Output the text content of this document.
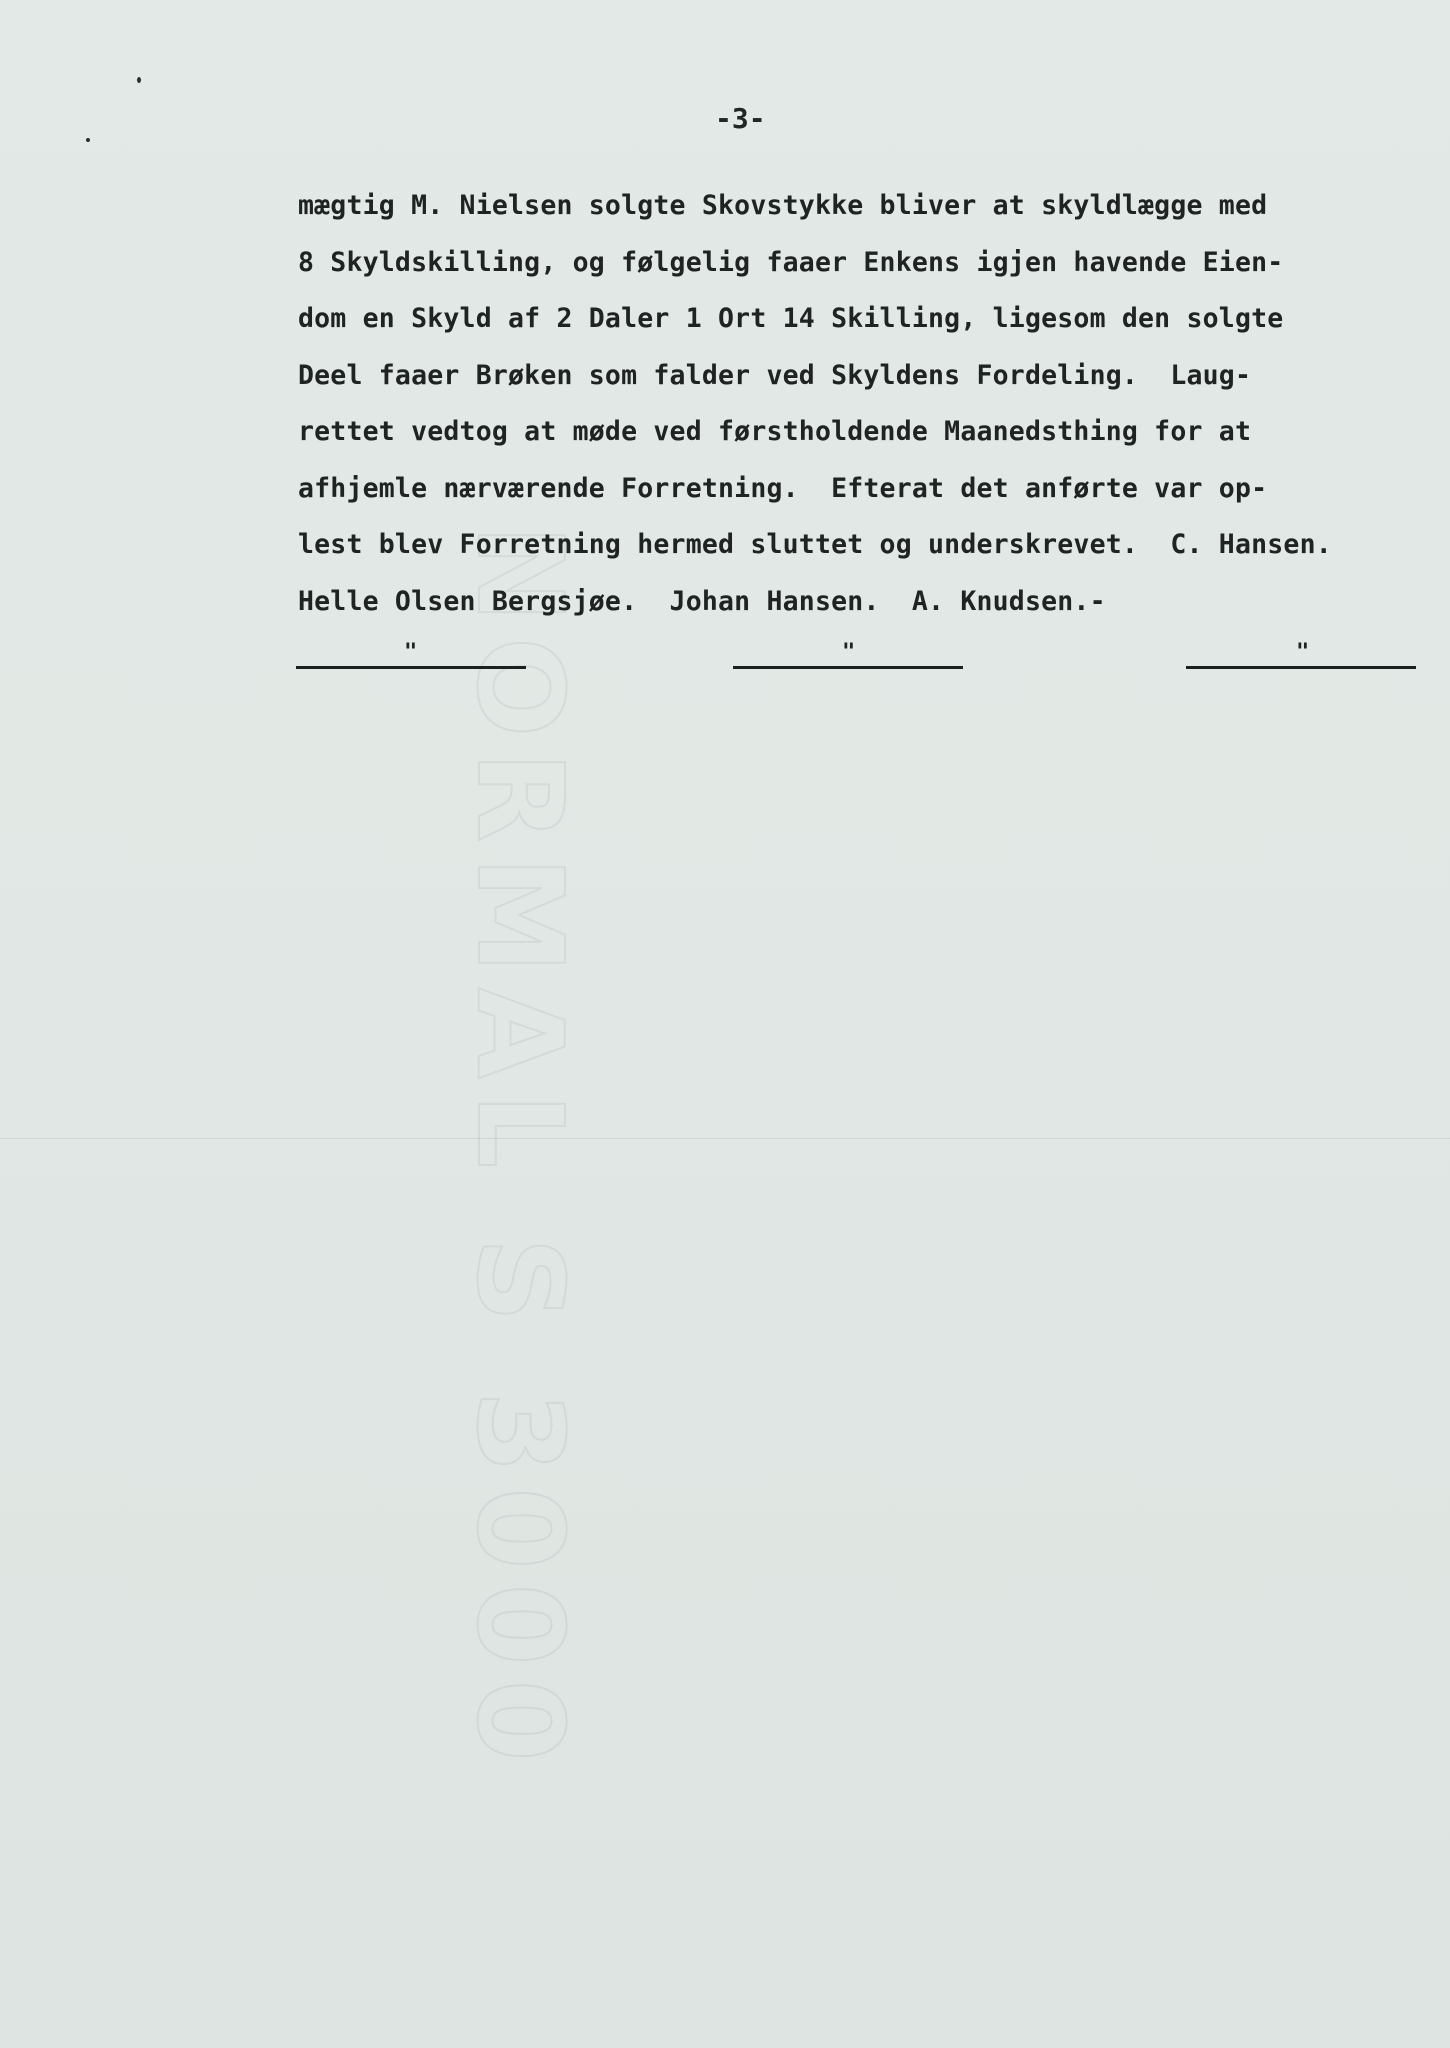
NORMAL S 3000
-3-
mægtig M. Nielsen solgte Skovstykke bliver at skyldlægge med
8 Skyldskilling, og følgelig faaer Enkens igjen havende Eien-
dom en Skyld af 2 Daler 1 Ort 14 Skilling, ligesom den solgte
Deel faaer Brøken som falder ved Skyldens Fordeling.  Laug-
rettet vedtog at møde ved førstholdende Maanedsthing for at
afhjemle nærværende Forretning.  Efterat det anførte var op-
lest blev Forretning hermed sluttet og underskrevet.  C. Hansen.
Helle Olsen Bergsjøe.  Johan Hansen.  A. Knudsen.-
"	"	"
